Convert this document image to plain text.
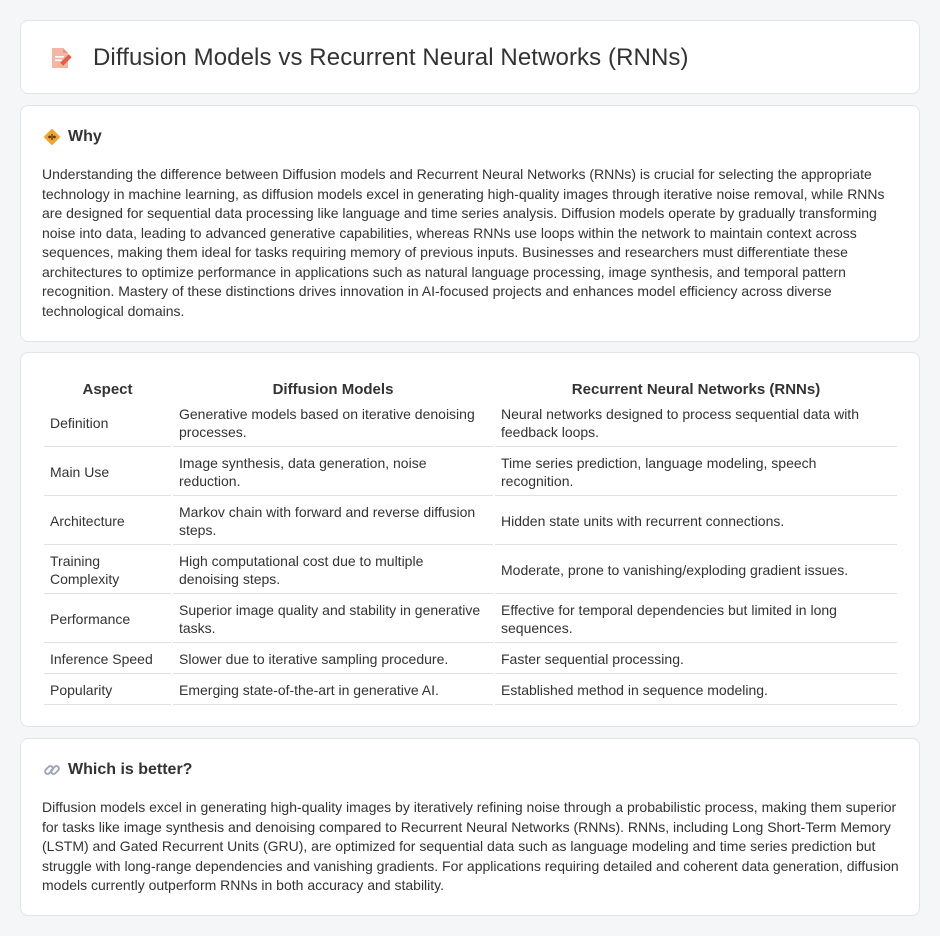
Diffusion Models vs Recurrent Neural Networks (RNNs)
Why

Understanding the difference between Diffusion models and Recurrent Neural Networks (RNNs) is crucial for selecting the appropriate technology in machine learning, as diffusion models excel in generating high-quality images through iterative noise removal, while RNNs are designed for sequential data processing like language and time series analysis. Diffusion models operate by gradually transforming noise into data, leading to advanced generative capabilities, whereas RNNs use loops within the network to maintain context across sequences, making them ideal for tasks requiring memory of previous inputs. Businesses and researchers must differentiate these architectures to optimize performance in applications such as natural language processing, image synthesis, and temporal pattern recognition. Mastery of these distinctions drives innovation in AI-focused projects and enhances model efficiency across diverse technological domains.

Aspect	Diffusion Models	Recurrent Neural Networks (RNNs)
Definition	Generative models based on iterative denoising processes.	Neural networks designed to process sequential data with feedback loops.
Main Use	Image synthesis, data generation, noise reduction.	Time series prediction, language modeling, speech recognition.
Architecture	Markov chain with forward and reverse diffusion steps.	Hidden state units with recurrent connections.
Training Complexity	High computational cost due to multiple denoising steps.	Moderate, prone to vanishing/exploding gradient issues.
Performance	Superior image quality and stability in generative tasks.	Effective for temporal dependencies but limited in long sequences.
Inference Speed	Slower due to iterative sampling procedure.	Faster sequential processing.
Popularity	Emerging state-of-the-art in generative AI.	Established method in sequence modeling.
Which is better?

Diffusion models excel in generating high-quality images by iteratively refining noise through a probabilistic process, making them superior for tasks like image synthesis and denoising compared to Recurrent Neural Networks (RNNs). RNNs, including Long Short-Term Memory (LSTM) and Gated Recurrent Units (GRU), are optimized for sequential data such as language modeling and time series prediction but struggle with long-range dependencies and vanishing gradients. For applications requiring detailed and coherent data generation, diffusion models currently outperform RNNs in both accuracy and stability.
